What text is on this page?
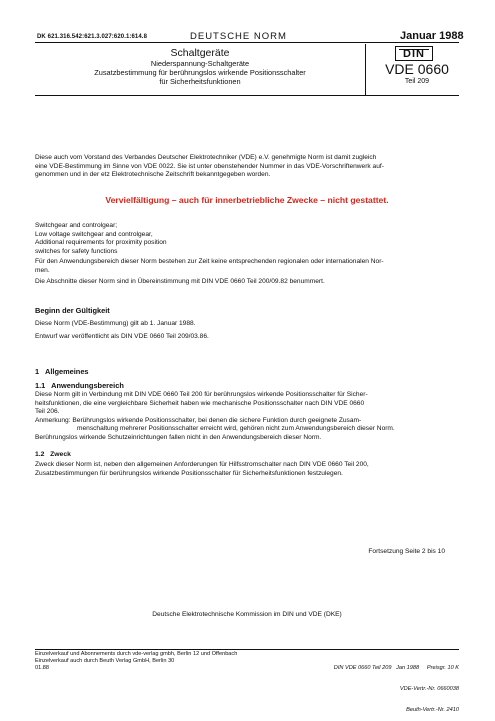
DK 621.316.542:621.3.027:620.1:614.8	DEUTSCHE NORM	Januar 1988
Schaltgeräte
Niederspannung-Schaltgeräte
Zusatzbestimmung für berührungslos wirkende Positionsschalter
für Sicherheitsfunktionen
DIN
VDE 0660
Teil 209
Diese auch vom Vorstand des Verbandes Deutscher Elektrotechniker (VDE) e.V. genehmigte Norm ist damit zugleich
eine VDE-Bestimmung im Sinne von VDE 0022. Sie ist unter obenstehender Nummer in das VDE-Vorschriftenwerk auf-
genommen und in der etz Elektrotechnische Zeitschrift bekanntgegeben worden.
Vervielfältigung – auch für innerbetriebliche Zwecke – nicht gestattet.
Switchgear and controlgear;
Low voltage switchgear and controlgear,
Additional requirements for proximity position
switches for safety functions
Für den Anwendungsbereich dieser Norm bestehen zur Zeit keine entsprechenden regionalen oder internationalen Nor-
men.
Die Abschnitte dieser Norm sind in Übereinstimmung mit DIN VDE 0660 Teil 200/09.82 benummert.
Beginn der Gültigkeit
Diese Norm (VDE-Bestimmung) gilt ab 1. Januar 1988.
Entwurf war veröffentlicht als DIN VDE 0660 Teil 209/03.86.
1   Allgemeines
1.1   Anwendungsbereich
Diese Norm gilt in Verbindung mit DIN VDE 0660 Teil 200 für berührungslos wirkende Positionsschalter für Sicher-
heitsfunktionen, die eine vergleichbare Sicherheit haben wie mechanische Positionsschalter nach DIN VDE 0660
Teil 206.
Anmerkung: Berührungslos wirkende Positionsschalter, bei denen die sichere Funktion durch geeignete Zusam-
menschaltung mehrerer Positionsschalter erreicht wird, gehören nicht zum Anwendungsbereich dieser Norm.
Berührungslos wirkende Schutzeinrichtungen fallen nicht in den Anwendungsbereich dieser Norm.
1.2   Zweck
Zweck dieser Norm ist, neben den allgemeinen Anforderungen für Hilfsstromschalter nach DIN VDE 0660 Teil 200,
Zusatzbestimmungen für berührungslos wirkende Positionsschalter für Sicherheitsfunktionen festzulegen.
Fortsetzung Seite 2 bis 10
Deutsche Elektrotechnische Kommission im DIN und VDE (DKE)
Einzelverkauf und Abonnements durch vde-verlag gmbh, Berlin 12 und Offenbach
Einzelverkauf auch durch Beuth Verlag GmbH, Berlin 30
01.88

	DIN VDE 0660 Teil 209   Jan 1988     Preisgr. 10 K

VDE-Vertr.-Nr. 0660038

Beuth-Vertr.-Nr. 2410
